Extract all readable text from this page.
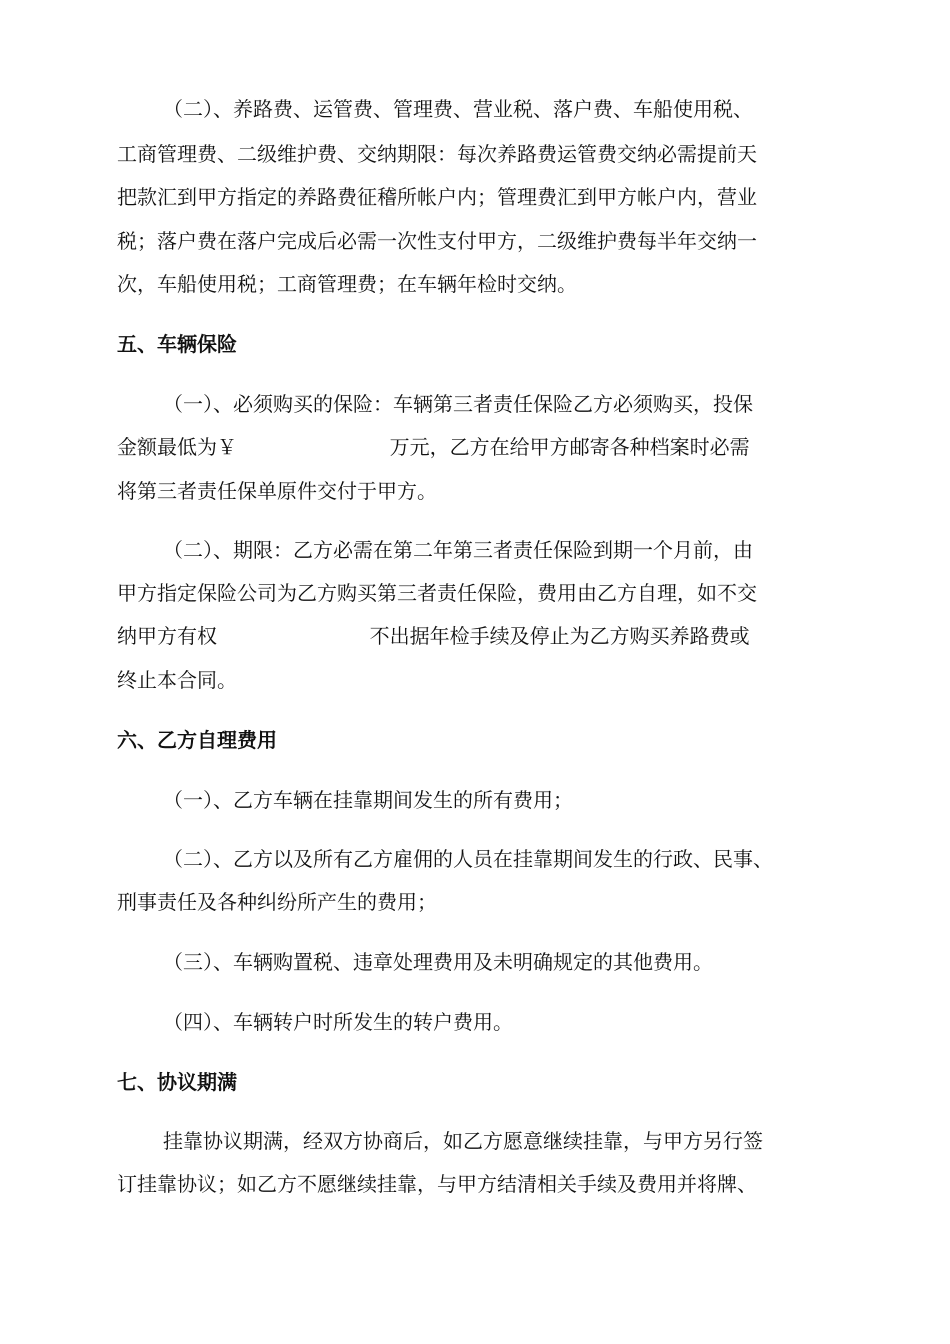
（二）、养路费、运管费、管理费、营业税、落户费、车船使用税、
工商管理费、二级维护费、交纳期限：每次养路费运管费交纳必需提前天
把款汇到甲方指定的养路费征稽所帐户内；管理费汇到甲方帐户内，营业
税；落户费在落户完成后必需一次性支付甲方，二级维护费每半年交纳一
次，车船使用税；工商管理费；在车辆年检时交纳。
五、车辆保险
（一）、必须购买的保险：车辆第三者责任保险乙方必须购买，投保
金额最低为￥                        万元，乙方在给甲方邮寄各种档案时必需
将第三者责任保单原件交付于甲方。
（二）、期限：乙方必需在第二年第三者责任保险到期一个月前，由
甲方指定保险公司为乙方购买第三者责任保险，费用由乙方自理，如不交
纳甲方有权                        不出据年检手续及停止为乙方购买养路费或
终止本合同。
六、乙方自理费用
（一）、乙方车辆在挂靠期间发生的所有费用；
（二）、乙方以及所有乙方雇佣的人员在挂靠期间发生的行政、民事、
刑事责任及各种纠纷所产生的费用；
（三）、车辆购置税、违章处理费用及未明确规定的其他费用。
（四）、车辆转户时所发生的转户费用。
七、协议期满
挂靠协议期满，经双方协商后，如乙方愿意继续挂靠，与甲方另行签
订挂靠协议；如乙方不愿继续挂靠，与甲方结清相关手续及费用并将牌、
